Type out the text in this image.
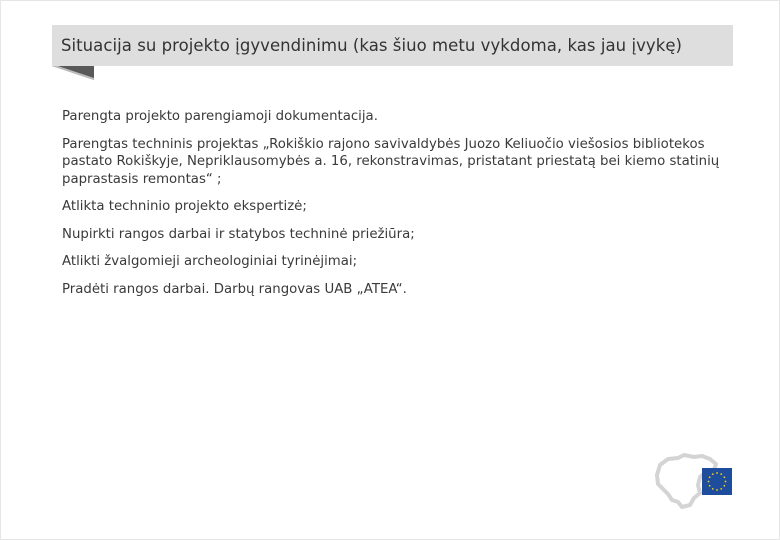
Situacija su projekto įgyvendinimu (kas šiuo metu vykdoma, kas jau įvykę)

Parengta projekto parengiamoji dokumentacija.

Parengtas techninis projektas „Rokiškio rajono savivaldybės Juozo Keliuočio viešosios bibliotekos pastato Rokiškyje, Nepriklausomybės a. 16, rekonstravimas, pristatant priestatą bei kiemo statinių paprastasis remontas“ ;

Atlikta techninio projekto ekspertizė;

Nupirkti rangos darbai ir statybos techninė priežiūra;

Atlikti žvalgomieji archeologiniai tyrinėjimai;

Pradėti rangos darbai. Darbų rangovas UAB „ATEA“.
